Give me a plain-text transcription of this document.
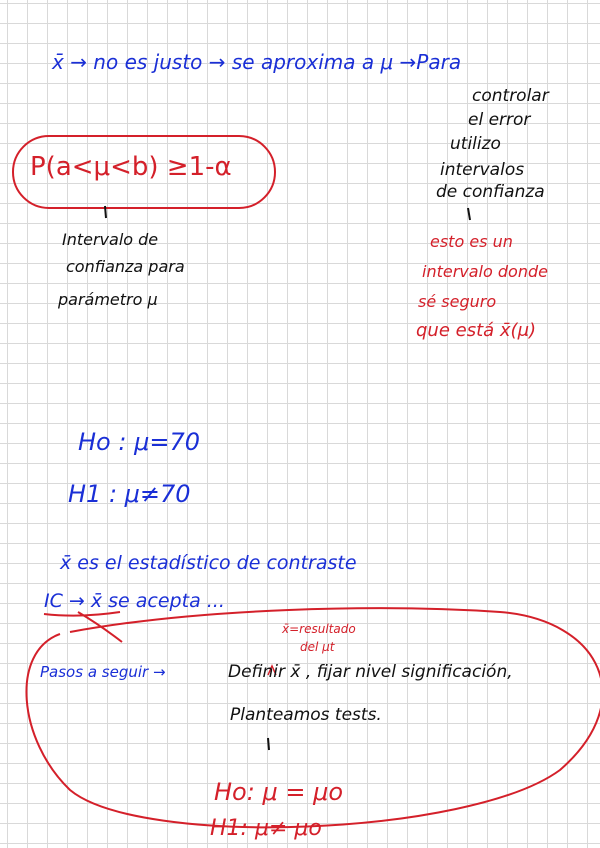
x̄ → no es justo → se aproxima a μ →Para
controlar
el error
utilizo
intervalos
de confianza
P(a<μ<b) ≥1-α
Intervalo de
confianza para
parámetro μ
esto es un
intervalo donde
sé seguro
que está x̄(μ)
Ho : μ=70
H1 : μ≠70
x̄ es el estadístico de contraste
IC → x̄ se acepta ...
x̄=resultado
del μt
Pasos a seguir →	Definir x̄ , fijar nivel significación,
Planteamos tests.
Ho: μ = μo
H1: μ≠ μo
